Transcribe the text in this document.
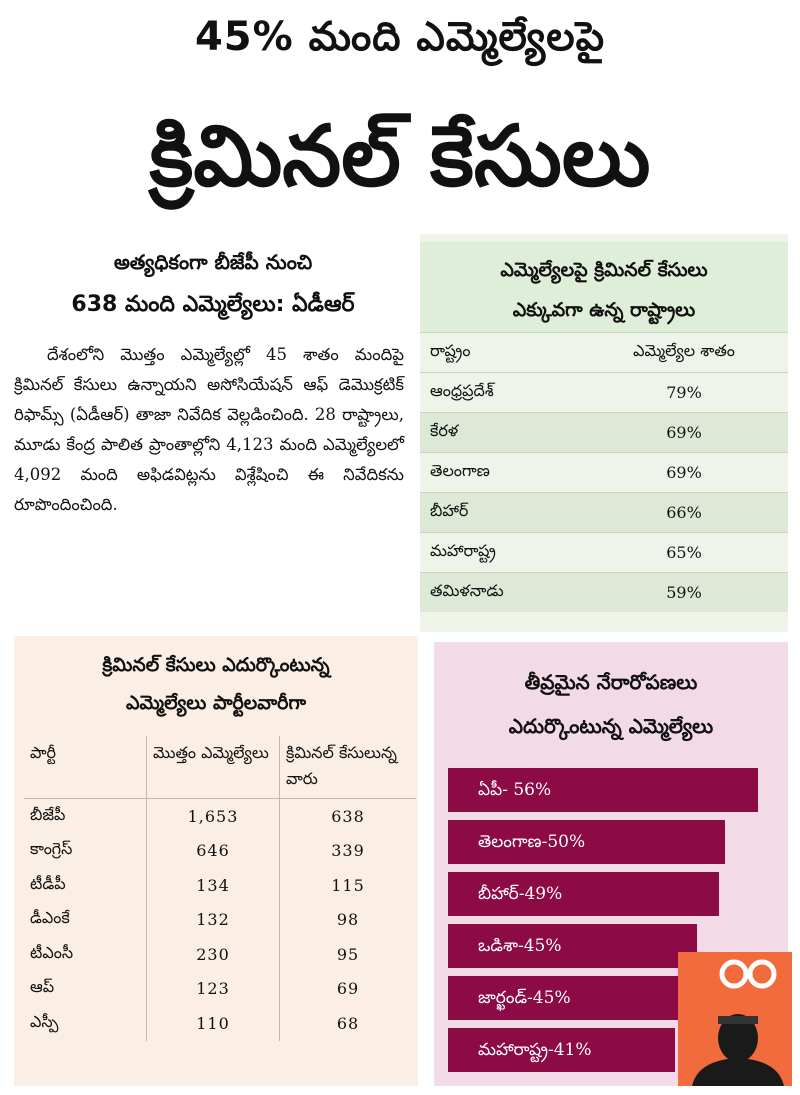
45% మంది ఎమ్మెల్యేలపై
క్రిమినల్ కేసులు
అత్యధికంగా బీజేపీ నుంచి
638 మంది ఎమ్మెల్యేలు: ఏడీఆర్
దేశంలోని మొత్తం ఎమ్మెల్యేల్లో 45 శాతం మందిపై క్రిమినల్ కేసులు ఉన్నాయని అసోసియేషన్ ఆఫ్ డెమొక్రటిక్ రిఫామ్స్ (ఏడీఆర్) తాజా నివేదిక వెల్లడించింది. 28 రాష్ట్రాలు, మూడు కేంద్ర పాలిత ప్రాంతాల్లోని 4,123 మంది ఎమ్మెల్యేలలో 4,092 మంది అఫిడవిట్లను విశ్లేషించి ఈ నివేదికను రూపొందించింది.
ఎమ్మెల్యేలపై క్రిమినల్ కేసులు
ఎక్కువగా ఉన్న రాష్ట్రాలు
రాష్ట్రం	ఎమ్మెల్యేల శాతం
ఆంధ్రప్రదేశ్	79%
కేరళ	69%
తెలంగాణ	69%
బీహార్	66%
మహారాష్ట్ర	65%
తమిళనాడు	59%
క్రిమినల్ కేసులు ఎదుర్కొంటున్న
ఎమ్మెల్యేలు పార్టీలవారీగా
పార్టీ	మొత్తం ఎమ్మెల్యేలు	క్రిమినల్ కేసులున్న వారు
బీజేపీ	1,653	638
కాంగ్రెస్	646	339
టీడీపీ	134	115
డీఎంకే	132	98
టీఎంసీ	230	95
ఆప్	123	69
ఎస్పీ	110	68
తీవ్రమైన నేరారోపణలు
ఎదుర్కొంటున్న ఎమ్మెల్యేలు
ఏపీ- 56%
తెలంగాణ-50%
బీహార్-49%
ఒడిశా-45%
జార్ఖండ్-45%
మహారాష్ట్ర-41%
